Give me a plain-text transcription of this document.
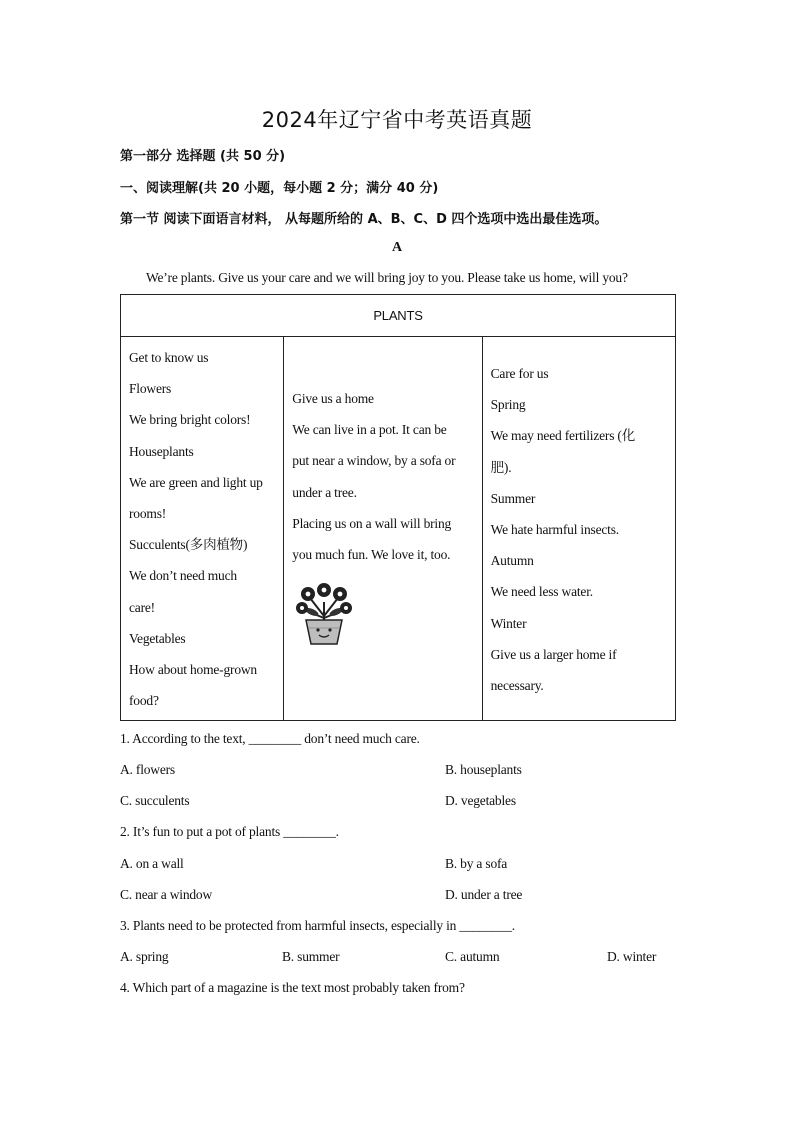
2024年辽宁省中考英语真题
第一部分 选择题 (共 50 分)
一、阅读理解(共 20 小题，每小题 2 分；满分 40 分)
第一节 阅读下面语言材料， 从每题所给的 A、B、C、D 四个选项中选出最佳选项。
A
We’re plants. Give us your care and we will bring joy to you. Please take us home, will you?
PLANTS

Get to know us
Flowers
We bring bright colors!
Houseplants
We are green and light up
rooms!
Succulents(多肉植物)
We don’t need much
care!
Vegetables
How about home-grown
food?

Give us a home
We can live in a pot. It can be
put near a window, by a sofa or
under a tree.
Placing us on a wall will bring
you much fun. We love it, too.

Care for us
Spring
We may need fertilizers (化
肥).
Summer
We hate harmful insects.
Autumn
We need less water.
Winter
Give us a larger home if
necessary.
1. According to the text, ________ don’t need much care.
A. flowers	B. houseplants
C. succulents	D. vegetables
2. It’s fun to put a pot of plants ________.
A. on a wall	B. by a sofa
C. near a window	D. under a tree
3. Plants need to be protected from harmful insects, especially in ________.
A. spring	B. summer	C. autumn	D. winter
4. Which part of a magazine is the text most probably taken from?
